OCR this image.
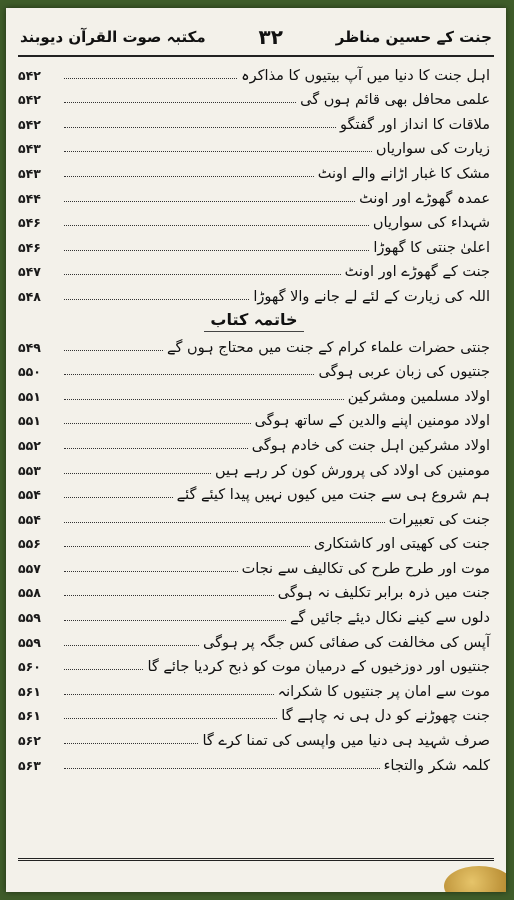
مکتبہ صوت القرآن دیوبند	۳۲	جنت کے حسین مناظر
۵۴۲	اہل جنت کا دنیا میں آپ بیتیوں کا مذاکرہ
۵۴۲	علمی محافل بھی قائم ہوں گی
۵۴۲	ملاقات کا انداز اور گفتگو
۵۴۳	زیارت کی سواریاں
۵۴۳	مشک کا غبار اڑانے والے اونٹ
۵۴۴	عمدہ گھوڑے اور اونٹ
۵۴۶	شہداء کی سواریاں
۵۴۶	اعلیٰ جنتی کا گھوڑا
۵۴۷	جنت کے گھوڑے اور اونٹ
۵۴۸	اللہ کی زیارت کے لئے لے جانے والا گھوڑا
خاتمہ کتاب
۵۴۹	جنتی حضرات علماء کرام کے جنت میں محتاج ہوں گے
۵۵۰	جنتیوں کی زبان عربی ہوگی
۵۵۱	اولاد مسلمین ومشرکین
۵۵۱	اولاد مومنین اپنے والدین کے ساتھ ہوگی
۵۵۲	اولاد مشرکین اہل جنت کی خادم ہوگی
۵۵۳	مومنین کی اولاد کی پرورش کون کر رہے ہیں
۵۵۴	ہم شروع ہی سے جنت میں کیوں نہیں پیدا کیئے گئے
۵۵۴	جنت کی تعبیرات
۵۵۶	جنت کی کھیتی اور کاشتکاری
۵۵۷	موت اور طرح طرح کی تکالیف سے نجات
۵۵۸	جنت میں ذرہ برابر تکلیف نہ ہوگی
۵۵۹	دلوں سے کینے نکال دیئے جائیں گے
۵۵۹	آپس کی مخالفت کی صفائی کس جگہ پر ہوگی
۵۶۰	جنتیوں اور دوزخیوں کے درمیان موت کو ذبح کردیا جائے گا
۵۶۱	موت سے امان پر جنتیوں کا شکرانہ
۵۶۱	جنت چھوڑنے کو دل ہی نہ چاہے گا
۵۶۲	صرف شہید ہی دنیا میں واپسی کی تمنا کرے گا
۵۶۳	کلمہ شکر والتجاء
